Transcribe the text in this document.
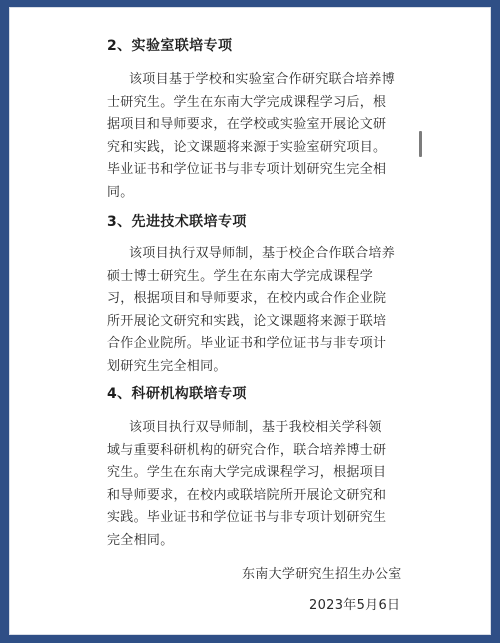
2、实验室联培专项

该项目基于学校和实验室合作研究联合培养博
士研究生。学生在东南大学完成课程学习后，根
据项目和导师要求，在学校或实验室开展论文研
究和实践，论文课题将来源于实验室研究项目。
毕业证书和学位证书与非专项计划研究生完全相
同。

3、先进技术联培专项

该项目执行双导师制，基于校企合作联合培养
硕士博士研究生。学生在东南大学完成课程学
习，根据项目和导师要求，在校内或合作企业院
所开展论文研究和实践，论文课题将来源于联培
合作企业院所。毕业证书和学位证书与非专项计
划研究生完全相同。

4、科研机构联培专项

该项目执行双导师制，基于我校相关学科领
域与重要科研机构的研究合作，联合培养博士研
究生。学生在东南大学完成课程学习，根据项目
和导师要求，在校内或联培院所开展论文研究和
实践。毕业证书和学位证书与非专项计划研究生
完全相同。

东南大学研究生招生办公室

2023年5月6日
